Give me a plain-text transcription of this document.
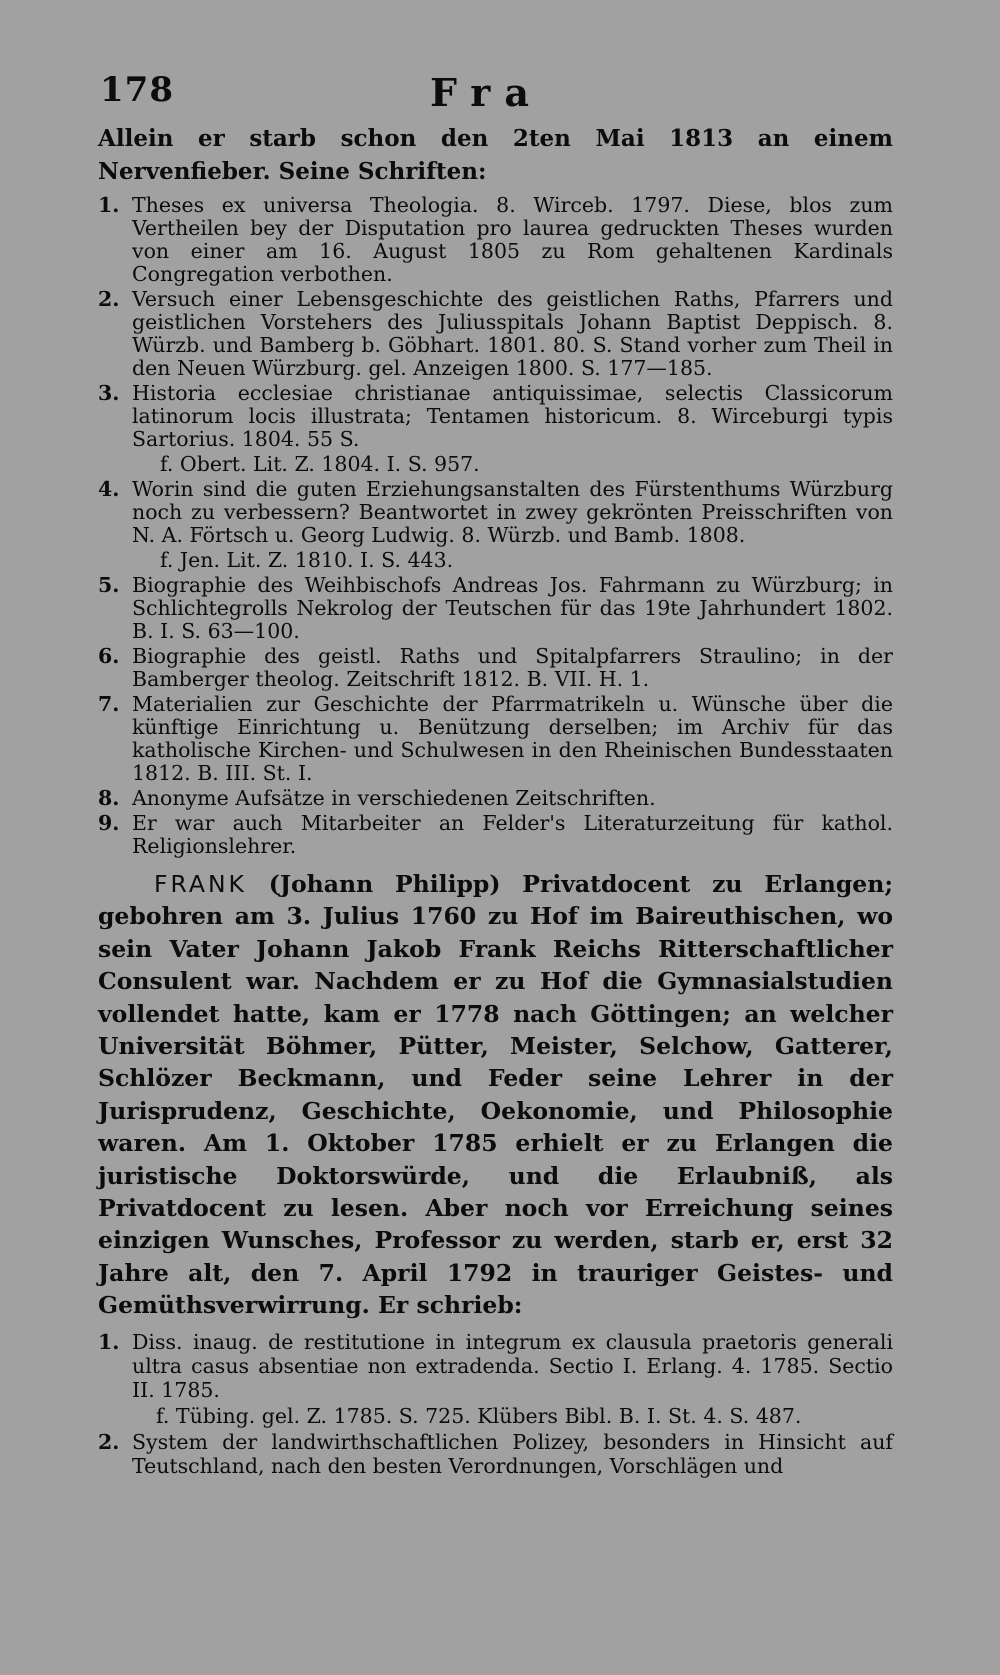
178	Fra

Allein er starb schon den 2ten Mai 1813 an einem Nervenfieber. Seine Schriften:

1. Theses ex universa Theologia. 8. Wirceb. 1797. Diese, blos zum Vertheilen bey der Disputation pro laurea gedruckten Theses wurden von einer am 16. August 1805 zu Rom gehaltenen Kardinals Congregation verbothen.
2. Versuch einer Lebensgeschichte des geistlichen Raths, Pfarrers und geistlichen Vorstehers des Juliusspitals Johann Baptist Deppisch. 8. Würzb. und Bamberg b. Göbhart. 1801. 80. S. Stand vorher zum Theil in den Neuen Würzburg. gel. Anzeigen 1800. S. 177—185.
3. Historia ecclesiae christianae antiquissimae, selectis Classicorum latinorum locis illustrata; Tentamen historicum. 8. Wirceburgi typis Sartorius. 1804. 55 S.
f. Obert. Lit. Z. 1804. I. S. 957.
4. Worin sind die guten Erziehungsanstalten des Fürstenthums Würzburg noch zu verbessern? Beantwortet in zwey gekrönten Preisschriften von N. A. Förtsch u. Georg Ludwig. 8. Würzb. und Bamb. 1808.
f. Jen. Lit. Z. 1810. I. S. 443.
5. Biographie des Weihbischofs Andreas Jos. Fahrmann zu Würzburg; in Schlichtegrolls Nekrolog der Teutschen für das 19te Jahrhundert 1802. B. I. S. 63—100.
6. Biographie des geistl. Raths und Spitalpfarrers Straulino; in der Bamberger theolog. Zeitschrift 1812. B. VII. H. 1.
7. Materialien zur Geschichte der Pfarrmatrikeln u. Wünsche über die künftige Einrichtung u. Benützung derselben; im Archiv für das katholische Kirchen- und Schulwesen in den Rheinischen Bundesstaaten 1812. B. III. St. I.
8. Anonyme Aufsätze in verschiedenen Zeitschriften.
9. Er war auch Mitarbeiter an Felder's Literaturzeitung für kathol. Religionslehrer.

FRANK (Johann Philipp) Privatdocent zu Erlangen; gebohren am 3. Julius 1760 zu Hof im Baireuthischen, wo sein Vater Johann Jakob Frank Reichs Ritterschaftlicher Consulent war. Nachdem er zu Hof die Gymnasialstudien vollendet hatte, kam er 1778 nach Göttingen; an welcher Universität Böhmer, Pütter, Meister, Selchow, Gatterer, Schlözer Beckmann, und Feder seine Lehrer in der Jurisprudenz, Geschichte, Oekonomie, und Philosophie waren. Am 1. Oktober 1785 erhielt er zu Erlangen die juristische Doktorswürde, und die Erlaubniß, als Privatdocent zu lesen. Aber noch vor Erreichung seines einzigen Wunsches, Professor zu werden, starb er, erst 32 Jahre alt, den 7. April 1792 in trauriger Geistes- und Gemüthsverwirrung. Er schrieb:

1. Diss. inaug. de restitutione in integrum ex clausula praetoris generali ultra casus absentiae non extradenda. Sectio I. Erlang. 4. 1785. Sectio II. 1785.
f. Tübing. gel. Z. 1785. S. 725. Klübers Bibl. B. I. St. 4. S. 487.
2. System der landwirthschaftlichen Polizey, besonders in Hinsicht auf Teutschland, nach den besten Verordnungen, Vorschlägen und
